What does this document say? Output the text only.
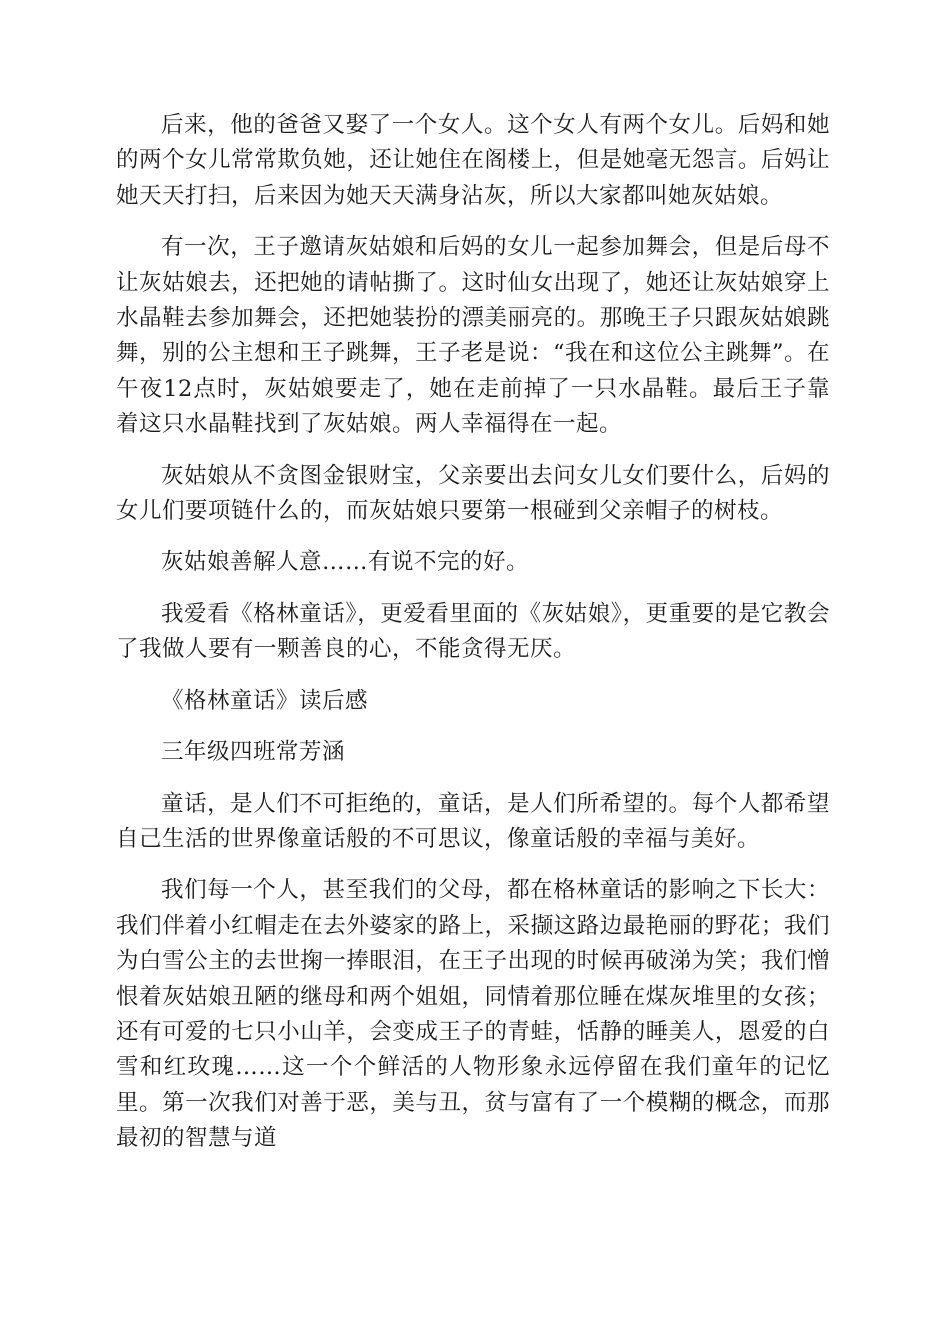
后来，他的爸爸又娶了一个女人。这个女人有两个女儿。后妈和她的两个女儿常常欺负她，还让她住在阁楼上，但是她毫无怨言。后妈让她天天打扫，后来因为她天天满身沾灰，所以大家都叫她灰姑娘。

有一次，王子邀请灰姑娘和后妈的女儿一起参加舞会，但是后母不让灰姑娘去，还把她的请帖撕了。这时仙女出现了，她还让灰姑娘穿上水晶鞋去参加舞会，还把她装扮的漂美丽亮的。那晚王子只跟灰姑娘跳舞，别的公主想和王子跳舞，王子老是说：“我在和这位公主跳舞”。在午夜12点时，灰姑娘要走了，她在走前掉了一只水晶鞋。最后王子靠着这只水晶鞋找到了灰姑娘。两人幸福得在一起。

灰姑娘从不贪图金银财宝，父亲要出去问女儿女们要什么，后妈的女儿们要项链什么的，而灰姑娘只要第一根碰到父亲帽子的树枝。

灰姑娘善解人意……有说不完的好。

我爱看《格林童话》，更爱看里面的《灰姑娘》，更重要的是它教会了我做人要有一颗善良的心，不能贪得无厌。

《格林童话》读后感

三年级四班常芳涵

童话，是人们不可拒绝的，童话，是人们所希望的。每个人都希望自己生活的世界像童话般的不可思议，像童话般的幸福与美好。

我们每一个人，甚至我们的父母，都在格林童话的影响之下长大：我们伴着小红帽走在去外婆家的路上，采撷这路边最艳丽的野花；我们为白雪公主的去世掬一捧眼泪，在王子出现的时候再破涕为笑；我们憎恨着灰姑娘丑陋的继母和两个姐姐，同情着那位睡在煤灰堆里的女孩；还有可爱的七只小山羊，会变成王子的青蛙，恬静的睡美人，恩爱的白雪和红玫瑰……这一个个鲜活的人物形象永远停留在我们童年的记忆里。第一次我们对善于恶，美与丑，贫与富有了一个模糊的概念，而那最初的智慧与道
